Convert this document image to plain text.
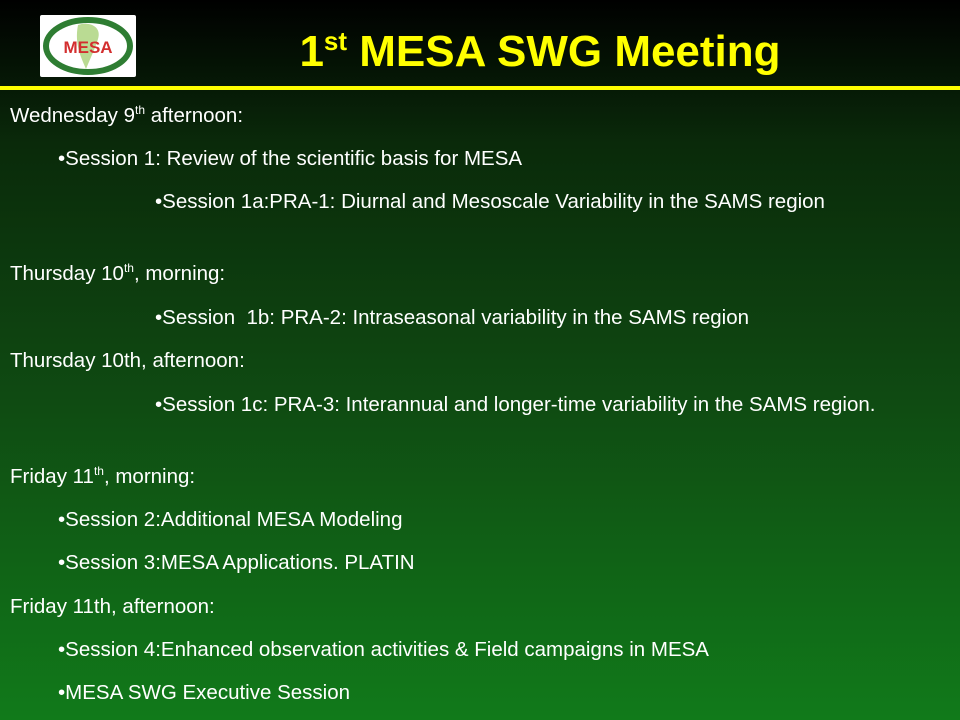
MESA	1st MESA SWG Meeting
Wednesday 9th afternoon:
•Session 1: Review of the scientific basis for MESA
•Session 1a:PRA-1: Diurnal and Mesoscale Variability in the SAMS region
Thursday 10th, morning:
•Session  1b: PRA-2: Intraseasonal variability in the SAMS region
Thursday 10th, afternoon:
•Session 1c: PRA-3: Interannual and longer-time variability in the SAMS region.
Friday 11th, morning:
•Session 2:Additional MESA Modeling
•Session 3:MESA Applications. PLATIN
Friday 11th, afternoon:
•Session 4:Enhanced observation activities & Field campaigns in MESA
•MESA SWG Executive Session
